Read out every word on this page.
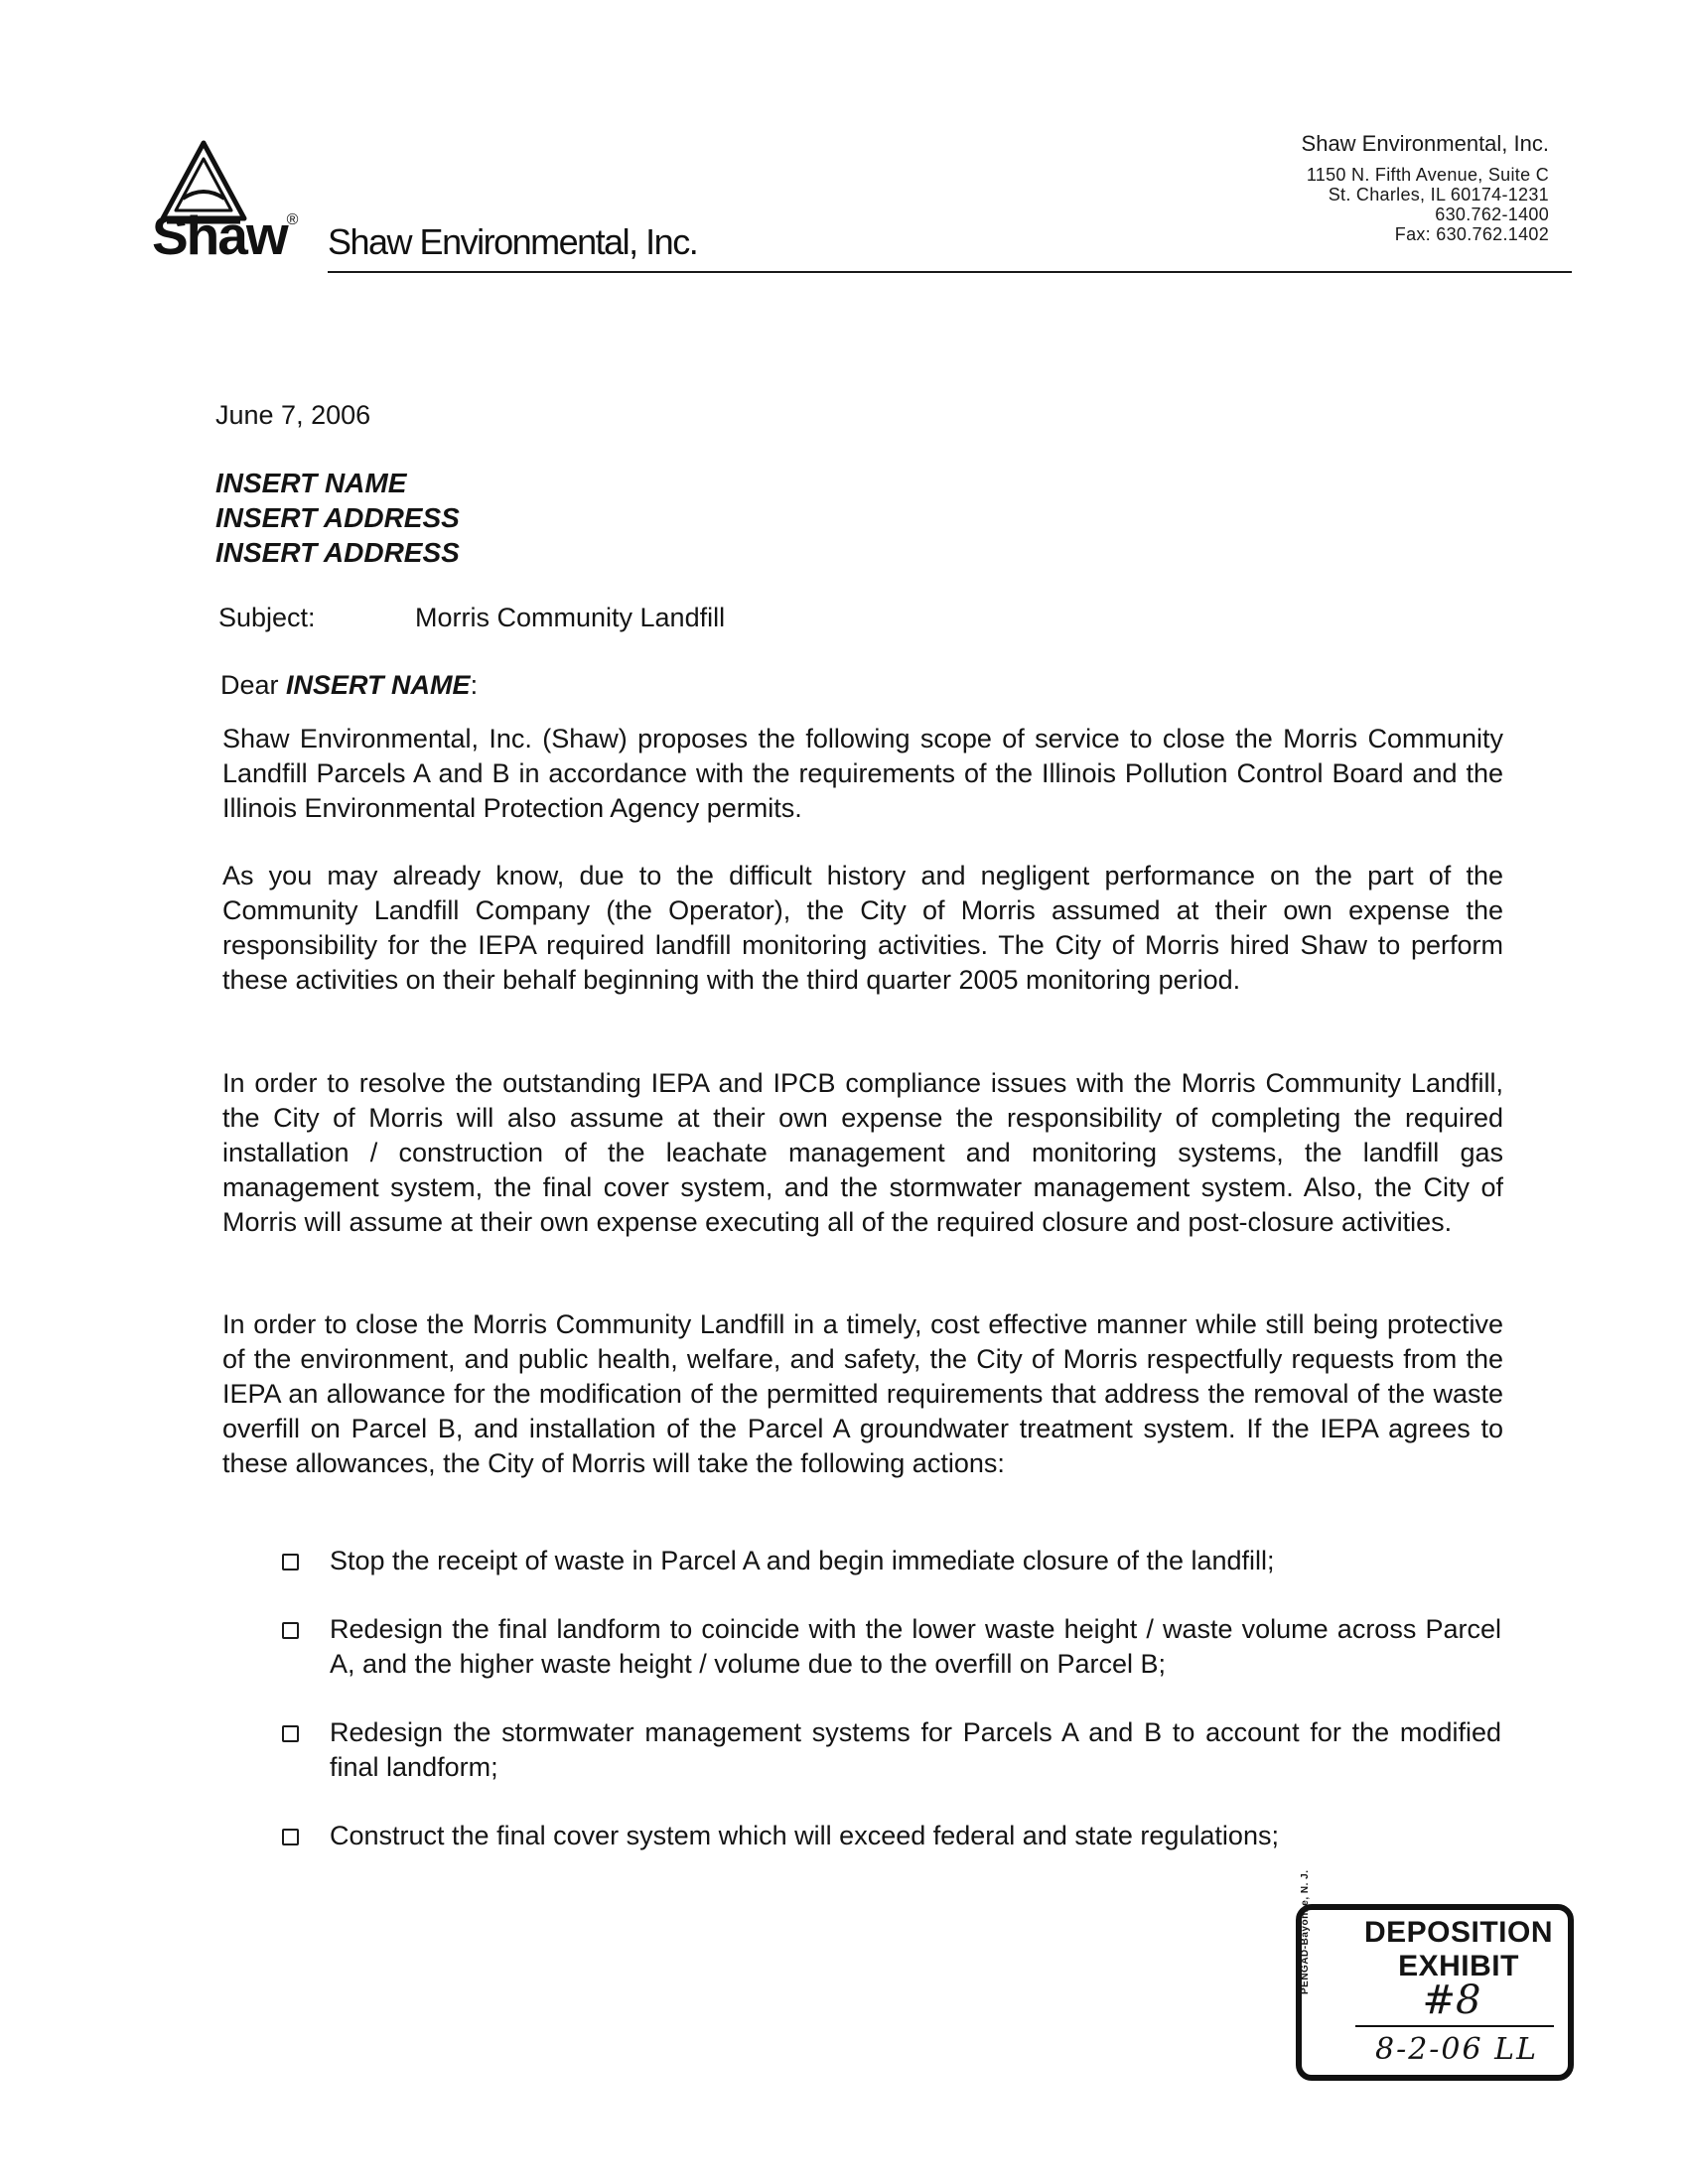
Shaw®
Shaw Environmental, Inc.
Shaw Environmental, Inc.
1150 N. Fifth Avenue, Suite C
St. Charles, IL 60174-1231
630.762-1400
Fax: 630.762.1402
June 7, 2006
INSERT NAME
INSERT ADDRESS
INSERT ADDRESS
Subject:	Morris Community Landfill
Dear INSERT NAME:

Shaw Environmental, Inc. (Shaw) proposes the following scope of service to close the Morris Community Landfill Parcels A and B in accordance with the requirements of the Illinois Pollution Control Board and the Illinois Environmental Protection Agency permits.

As you may already know, due to the difficult history and negligent performance on the part of the Community Landfill Company (the Operator), the City of Morris assumed at their own expense the responsibility for the IEPA required landfill monitoring activities. The City of Morris hired Shaw to perform these activities on their behalf beginning with the third quarter 2005 monitoring period.

In order to resolve the outstanding IEPA and IPCB compliance issues with the Morris Community Landfill, the City of Morris will also assume at their own expense the responsibility of completing the required installation / construction of the leachate management and monitoring systems, the landfill gas management system, the final cover system, and the stormwater management system. Also, the City of Morris will assume at their own expense executing all of the required closure and post-closure activities.

In order to close the Morris Community Landfill in a timely, cost effective manner while still being protective of the environment, and public health, welfare, and safety, the City of Morris respectfully requests from the IEPA an allowance for the modification of the permitted requirements that address the removal of the waste overfill on Parcel B, and installation of the Parcel A groundwater treatment system. If the IEPA agrees to these allowances, the City of Morris will take the following actions:

Stop the receipt of waste in Parcel A and begin immediate closure of the landfill;
Redesign the final landform to coincide with the lower waste height / waste volume across Parcel A, and the higher waste height / volume due to the overfill on Parcel B;
Redesign the stormwater management systems for Parcels A and B to account for the modified final landform;
Construct the final cover system which will exceed federal and state regulations;
PENGAD-Bayonne, N. J.	DEPOSITION
EXHIBIT
#8
8-2-06 LL
